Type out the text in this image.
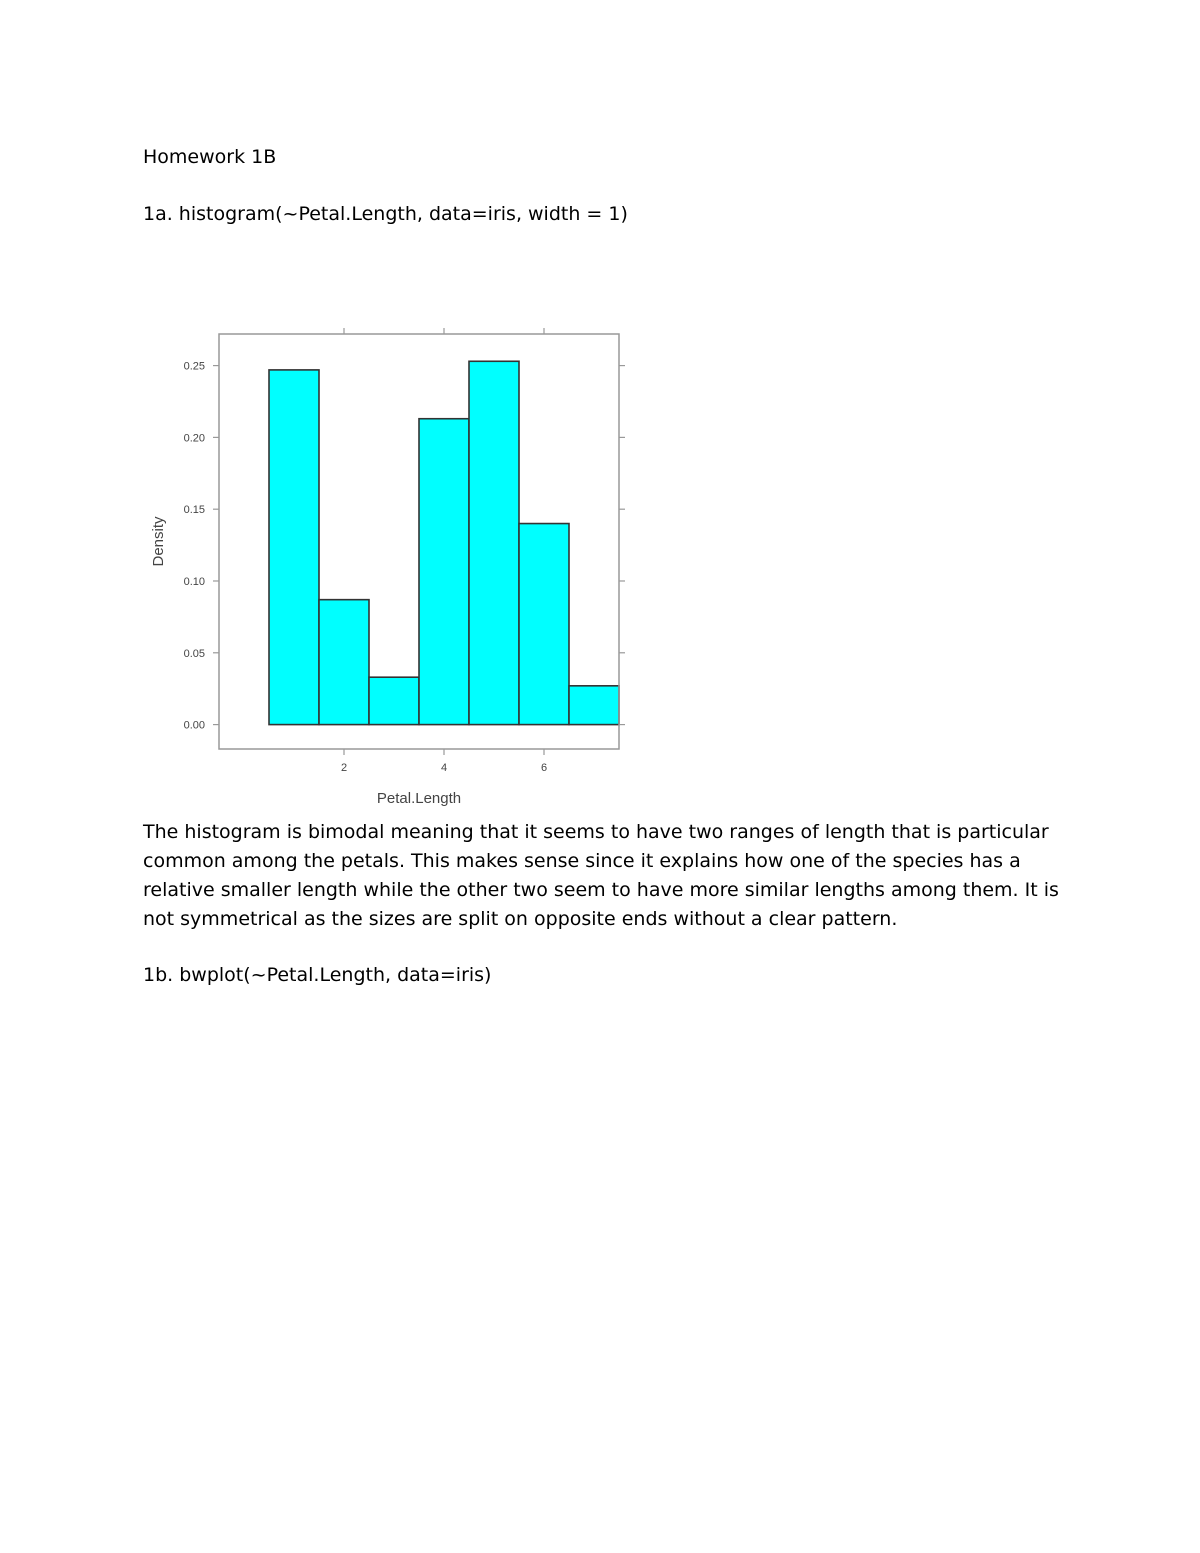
Homework 1B
1a. histogram(~Petal.Length, data=iris, width = 1)
2	4	6
0.00
0.05
0.10
0.15
0.20
0.25
Petal.Length
Density
The histogram is bimodal meaning that it seems to have two ranges of length that is particular
common among the petals. This makes sense since it explains how one of the species has a
relative smaller length while the other two seem to have more similar lengths among them. It is
not symmetrical as the sizes are split on opposite ends without a clear pattern.
1b. bwplot(~Petal.Length, data=iris)
